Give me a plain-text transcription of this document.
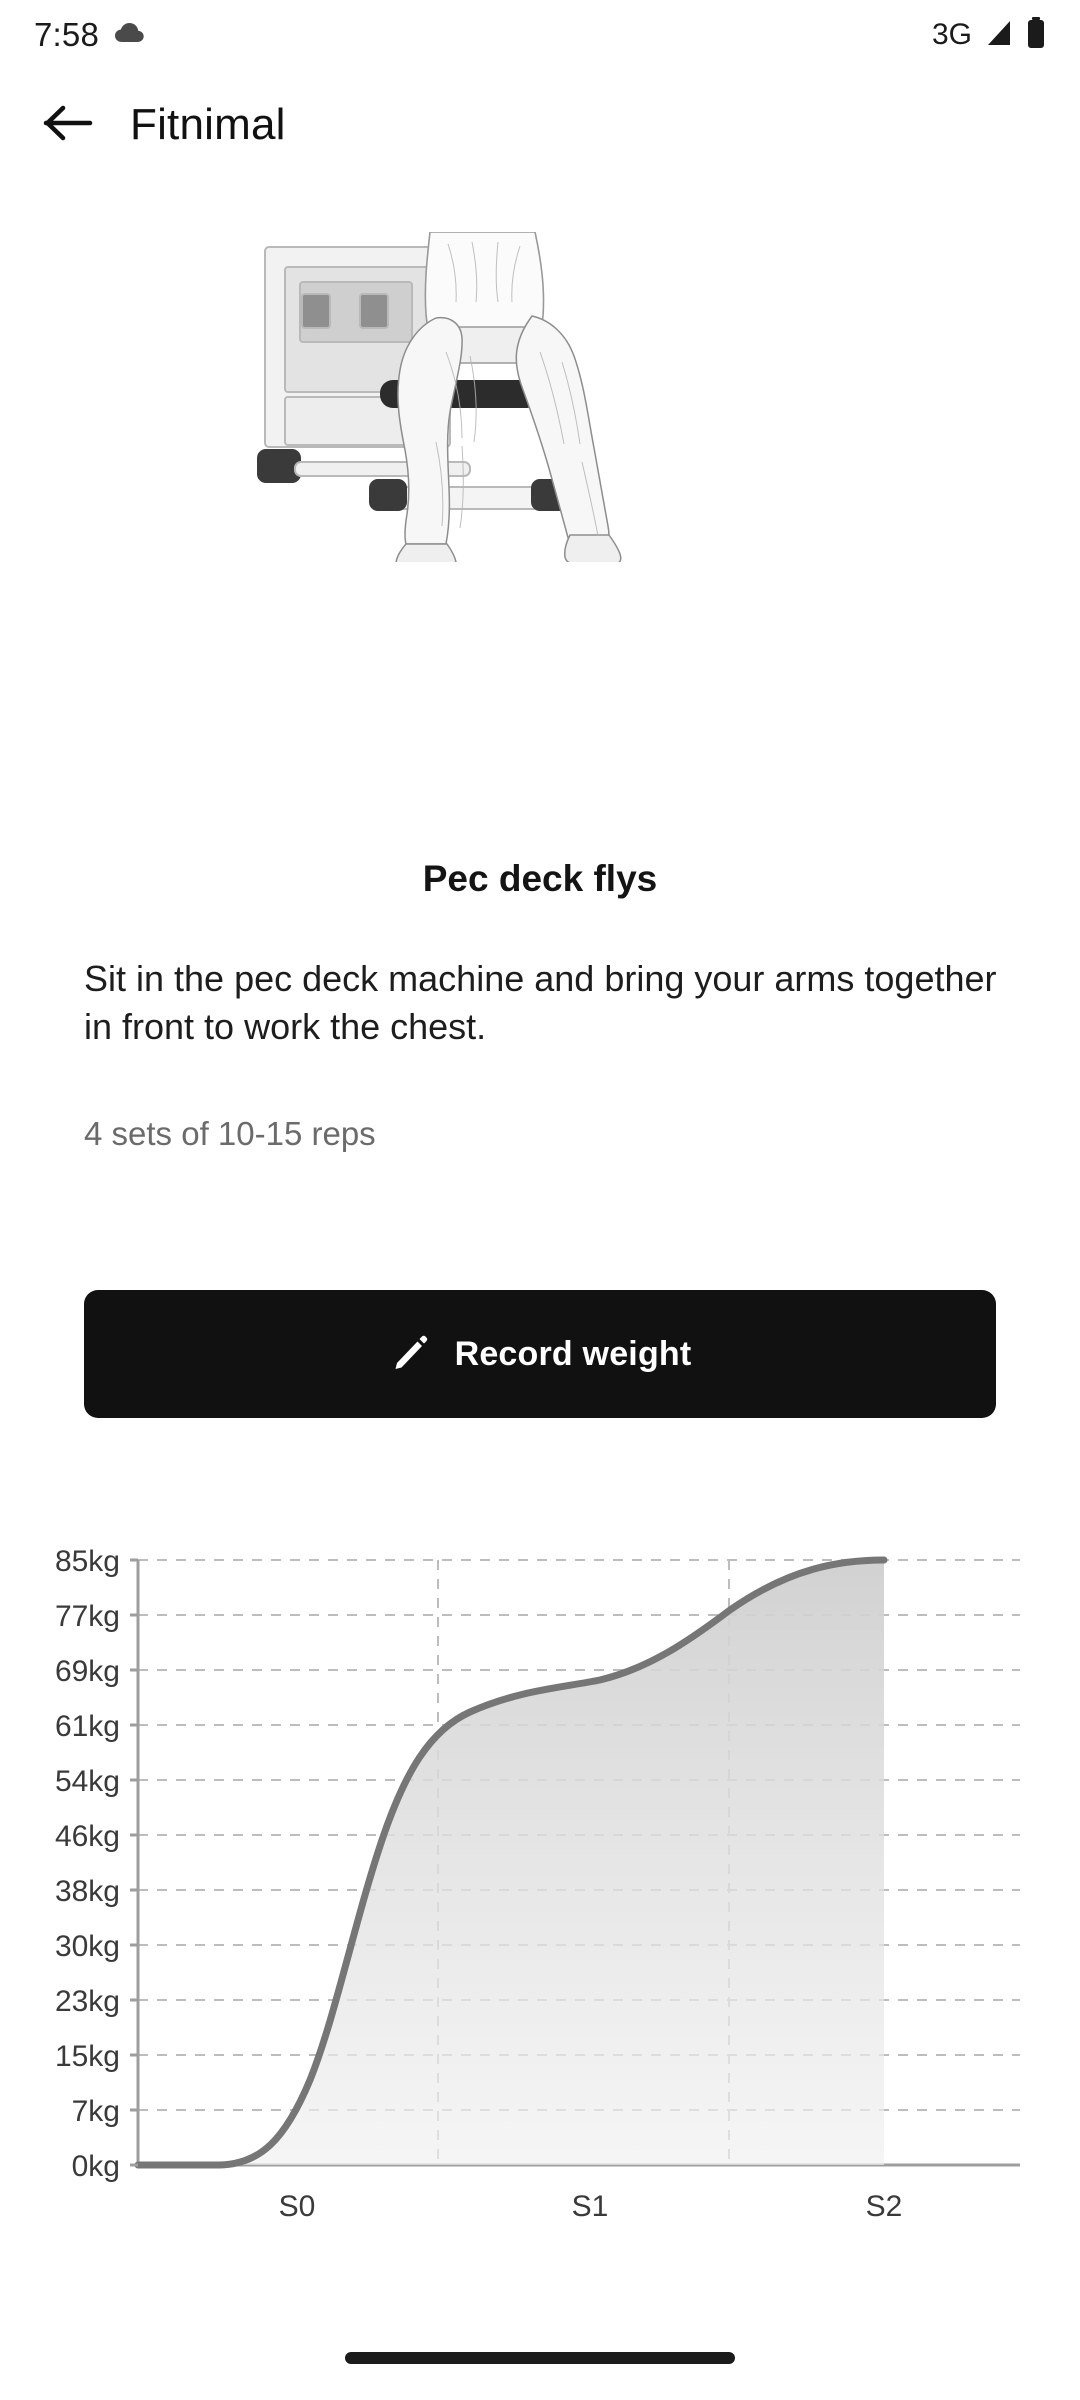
7:58	3G
Fitnimal
Pec deck flys
Sit in the pec deck machine and bring your arms together in front to work the chest.
4 sets of 10-15 reps
Record weight
85kg
77kg
69kg
61kg
54kg
46kg
38kg
30kg
23kg
15kg
7kg
0kg
S0	S1	S2
